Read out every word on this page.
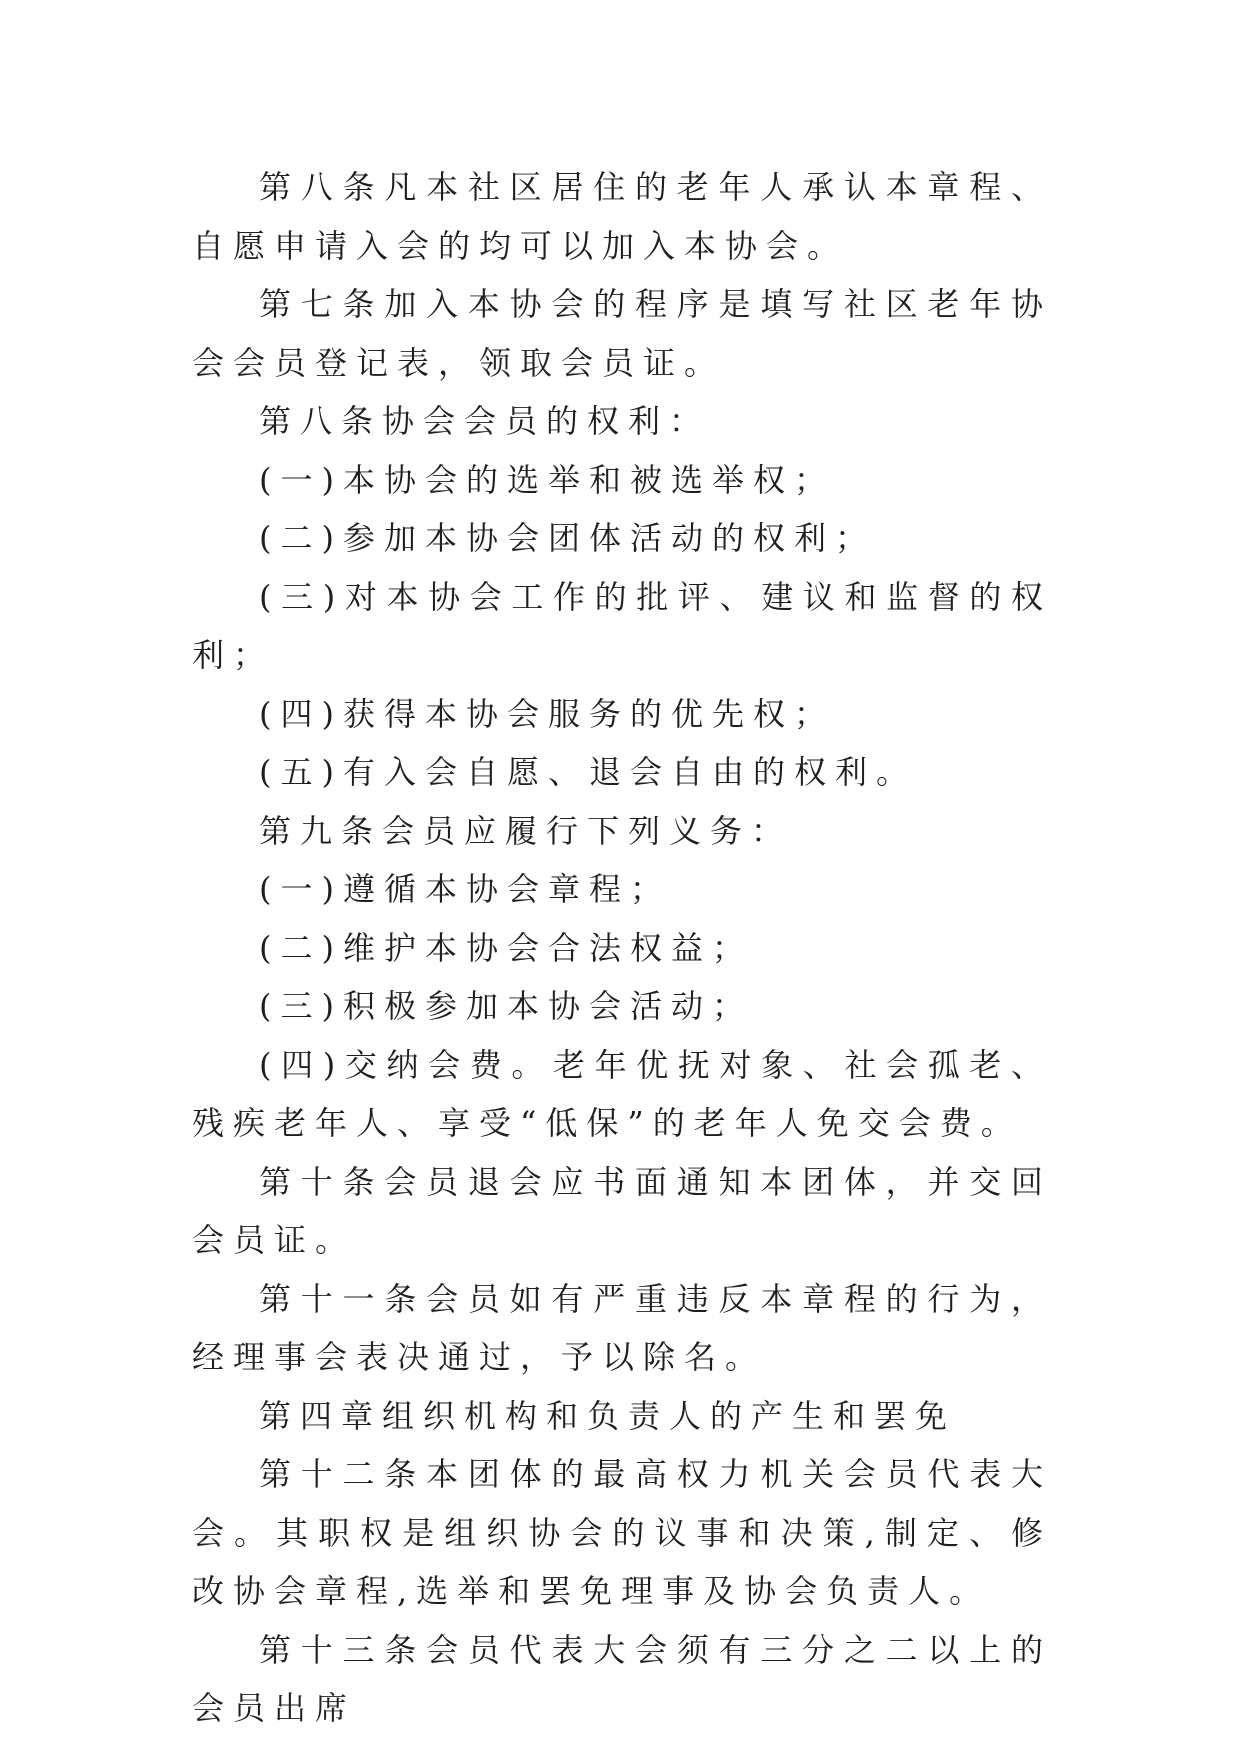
第八条凡本社区居住的老年人承认本章程、自愿申请入会的均可以加入本协会。

第七条加入本协会的程序是填写社区老年协会会员登记表，领取会员证。

第八条协会会员的权利：

(一)本协会的选举和被选举权；

(二)参加本协会团体活动的权利；

(三)对本协会工作的批评、建议和监督的权利；

(四)获得本协会服务的优先权；

(五)有入会自愿、退会自由的权利。

第九条会员应履行下列义务：

(一)遵循本协会章程；

(二)维护本协会合法权益；

(三)积极参加本协会活动；

(四)交纳会费。老年优抚对象、社会孤老、残疾老年人、享受“低保”的老年人免交会费。

第十条会员退会应书面通知本团体，并交回会员证。

第十一条会员如有严重违反本章程的行为，经理事会表决通过，予以除名。

第四章组织机构和负责人的产生和罢免

第十二条本团体的最高权力机关会员代表大会。其职权是组织协会的议事和决策,制定、修改协会章程,选举和罢免理事及协会负责人。

第十三条会员代表大会须有三分之二以上的会员出席
